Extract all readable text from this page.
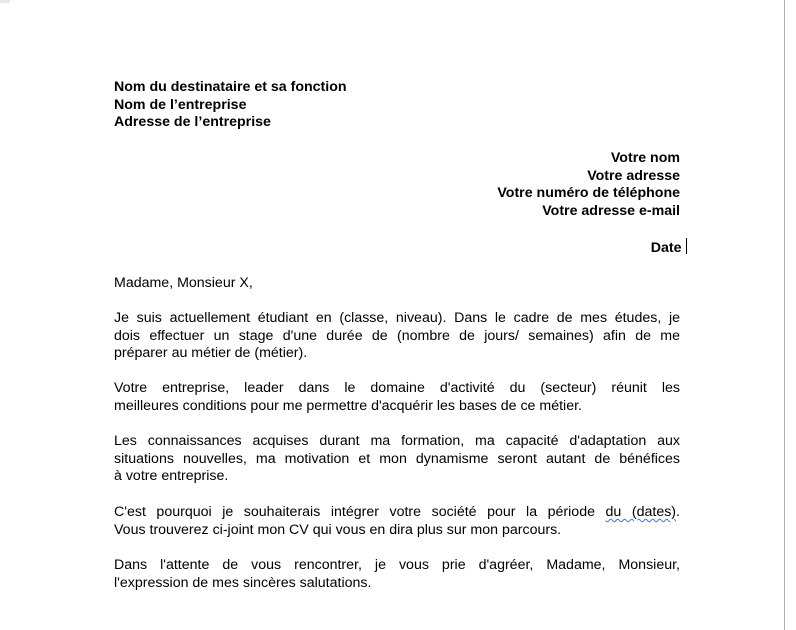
Nom du destinataire et sa fonction
Nom de l’entreprise
Adresse de l’entreprise
Votre nom
Votre adresse
Votre numéro de téléphone
Votre adresse e-mail
Date
Madame, Monsieur X,
Je suis actuellement étudiant en (classe, niveau). Dans le cadre de mes études, je
dois effectuer un stage d'une durée de (nombre de jours/ semaines) afin de me
préparer au métier de (métier).
Votre entreprise, leader dans le domaine d'activité du (secteur) réunit les
meilleures conditions pour me permettre d'acquérir les bases de ce métier.
Les connaissances acquises durant ma formation, ma capacité d'adaptation aux
situations nouvelles, ma motivation et mon dynamisme seront autant de bénéfices
à votre entreprise.
C'est pourquoi je souhaiterais intégrer votre société pour la période du (dates).
Vous trouverez ci-joint mon CV qui vous en dira plus sur mon parcours.
Dans l'attente de vous rencontrer, je vous prie d'agréer, Madame, Monsieur,
l'expression de mes sincères salutations.
